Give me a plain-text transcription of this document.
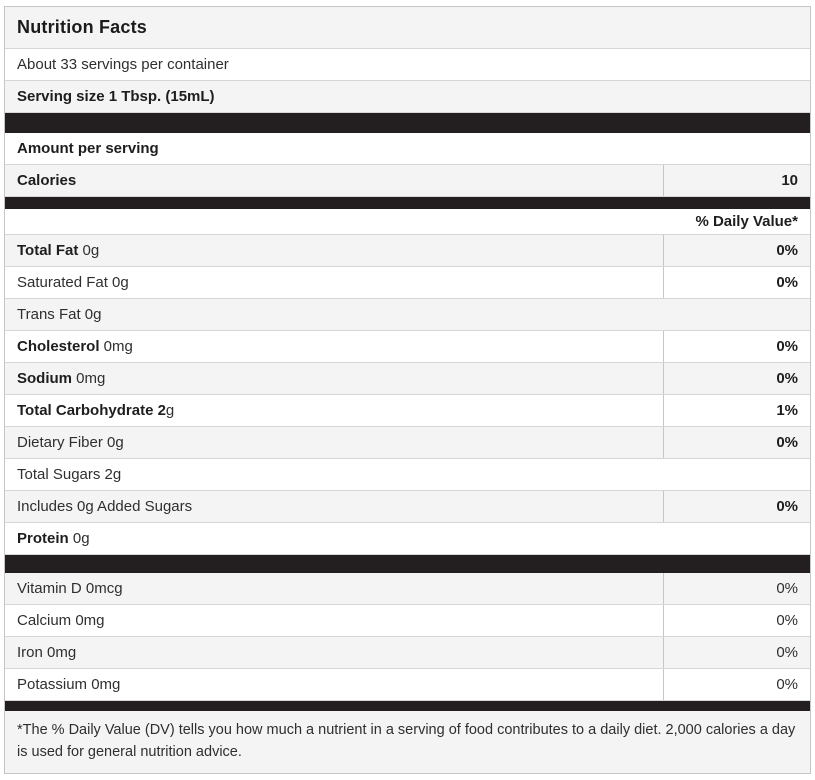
Nutrition Facts
About 33 servings per container
Serving size 1 Tbsp. (15mL)
Amount per serving
Calories	10
% Daily Value*
Total Fat 0g	0%
Saturated Fat 0g	0%
Trans Fat 0g
Cholesterol 0mg	0%
Sodium 0mg	0%
Total Carbohydrate 2g	1%
Dietary Fiber 0g	0%
Total Sugars 2g
Includes 0g Added Sugars	0%
Protein 0g
Vitamin D 0mcg	0%
Calcium 0mg	0%
Iron 0mg	0%
Potassium 0mg	0%
*The % Daily Value (DV) tells you how much a nutrient in a serving of food contributes to a daily diet. 2,000 calories a day is used for general nutrition advice.
